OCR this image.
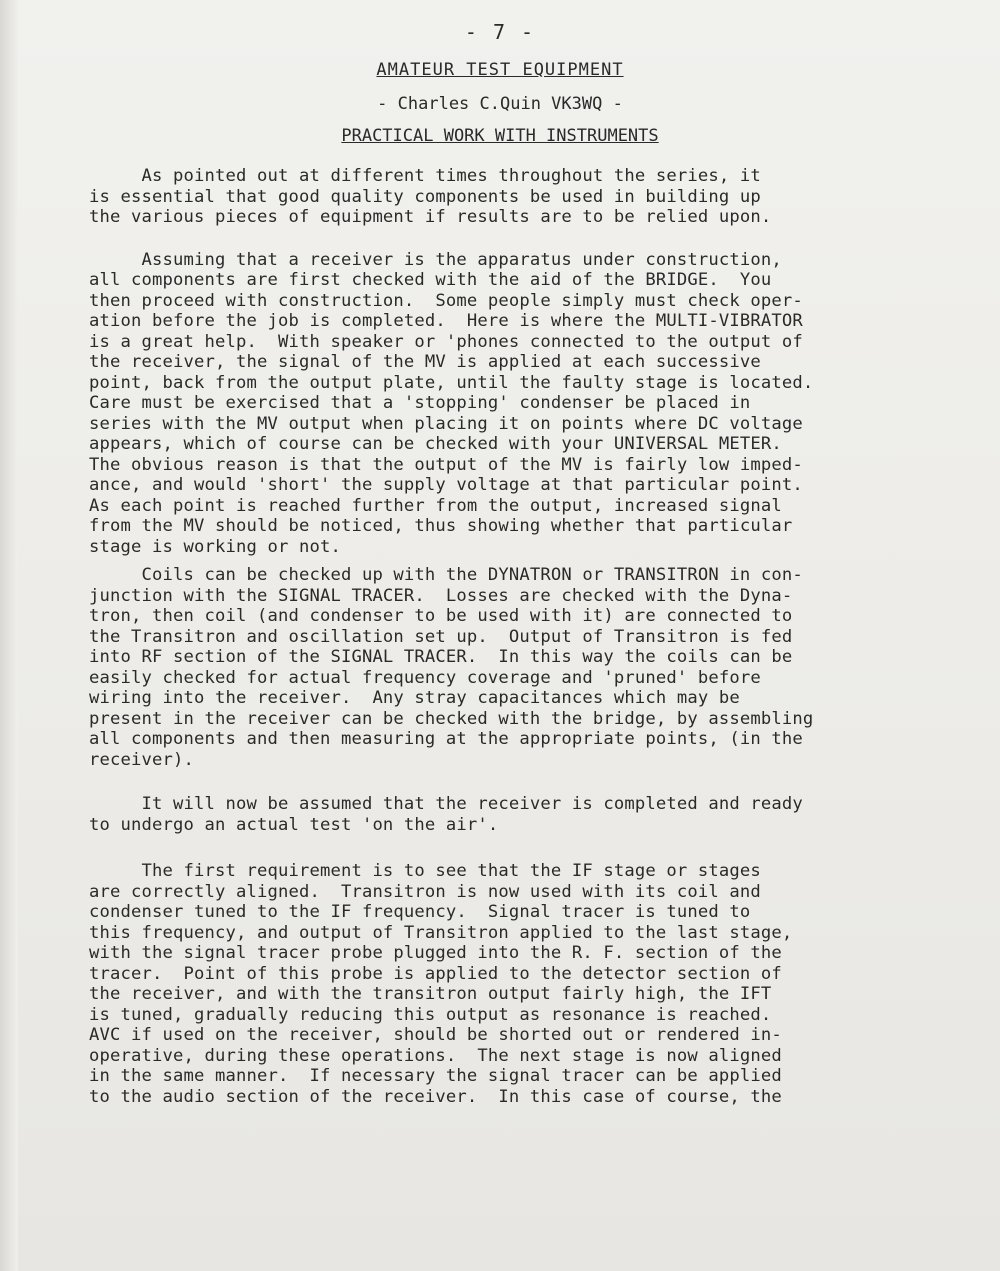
- 7 -
AMATEUR TEST EQUIPMENT
- Charles C.Quin VK3WQ -
PRACTICAL WORK WITH INSTRUMENTS

As pointed out at different times throughout the series, it
is essential that good quality components be used in building up
the various pieces of equipment if results are to be relied upon.

Assuming that a receiver is the apparatus under construction,
all components are first checked with the aid of the BRIDGE.  You
then proceed with construction.  Some people simply must check oper-
ation before the job is completed.  Here is where the MULTI-VIBRATOR
is a great help.  With speaker or 'phones connected to the output of
the receiver, the signal of the MV is applied at each successive
point, back from the output plate, until the faulty stage is located.
Care must be exercised that a 'stopping' condenser be placed in
series with the MV output when placing it on points where DC voltage
appears, which of course can be checked with your UNIVERSAL METER.
The obvious reason is that the output of the MV is fairly low imped-
ance, and would 'short' the supply voltage at that particular point.
As each point is reached further from the output, increased signal
from the MV should be noticed, thus showing whether that particular
stage is working or not.

Coils can be checked up with the DYNATRON or TRANSITRON in con-
junction with the SIGNAL TRACER.  Losses are checked with the Dyna-
tron, then coil (and condenser to be used with it) are connected to
the Transitron and oscillation set up.  Output of Transitron is fed
into RF section of the SIGNAL TRACER.  In this way the coils can be
easily checked for actual frequency coverage and 'pruned' before
wiring into the receiver.  Any stray capacitances which may be
present in the receiver can be checked with the bridge, by assembling
all components and then measuring at the appropriate points, (in the
receiver).

It will now be assumed that the receiver is completed and ready
to undergo an actual test 'on the air'.

The first requirement is to see that the IF stage or stages
are correctly aligned.  Transitron is now used with its coil and
condenser tuned to the IF frequency.  Signal tracer is tuned to
this frequency, and output of Transitron applied to the last stage,
with the signal tracer probe plugged into the R. F. section of the
tracer.  Point of this probe is applied to the detector section of
the receiver, and with the transitron output fairly high, the IFT
is tuned, gradually reducing this output as resonance is reached.
AVC if used on the receiver, should be shorted out or rendered in-
operative, during these operations.  The next stage is now aligned
in the same manner.  If necessary the signal tracer can be applied
to the audio section of the receiver.  In this case of course, the
